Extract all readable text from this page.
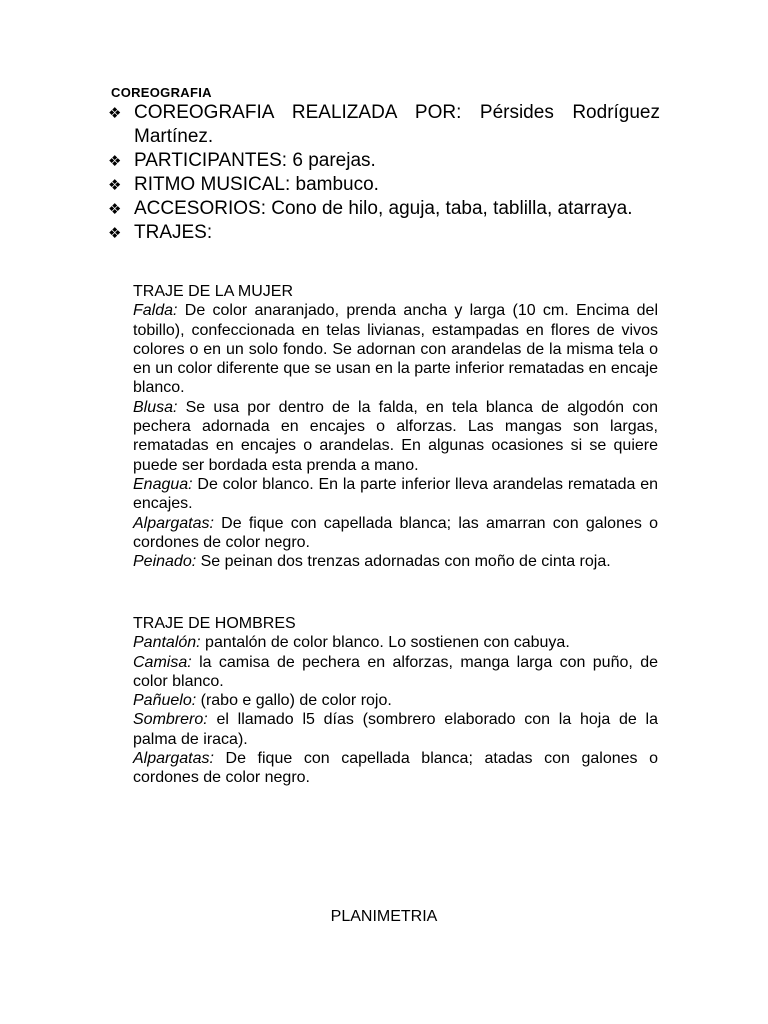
COREOGRAFIA
❖ COREOGRAFIA REALIZADA POR: Pérsides Rodríguez Martínez.
❖ PARTICIPANTES: 6 parejas.
❖ RITMO MUSICAL: bambuco.
❖ ACCESORIOS: Cono de hilo, aguja, taba, tablilla, atarraya.
❖ TRAJES:
TRAJE DE LA MUJER

Falda: De color anaranjado, prenda ancha y larga (10 cm. Encima del tobillo), confeccionada en telas livianas, estampadas en flores de vivos colores o en un solo fondo. Se adornan con arandelas de la misma tela o en un color diferente que se usan en la parte inferior rematadas en encaje blanco.

Blusa: Se usa por dentro de la falda, en tela blanca de algodón con pechera adornada en encajes o alforzas. Las mangas son largas, rematadas en encajes o arandelas. En algunas ocasiones si se quiere puede ser bordada esta prenda a mano.

Enagua: De color blanco. En la parte inferior lleva arandelas rematada en encajes.

Alpargatas: De fique con capellada blanca; las amarran con galones o cordones de color negro.

Peinado: Se peinan dos trenzas adornadas con moño de cinta roja.

TRAJE DE HOMBRES

Pantalón: pantalón de color blanco. Lo sostienen con cabuya.

Camisa: la camisa de pechera en alforzas, manga larga con puño, de color blanco.

Pañuelo: (rabo e gallo) de color rojo.

Sombrero: el llamado l5 días (sombrero elaborado con la hoja de la palma de iraca).

Alpargatas: De fique con capellada blanca; atadas con galones o cordones de color negro.

PLANIMETRIA
